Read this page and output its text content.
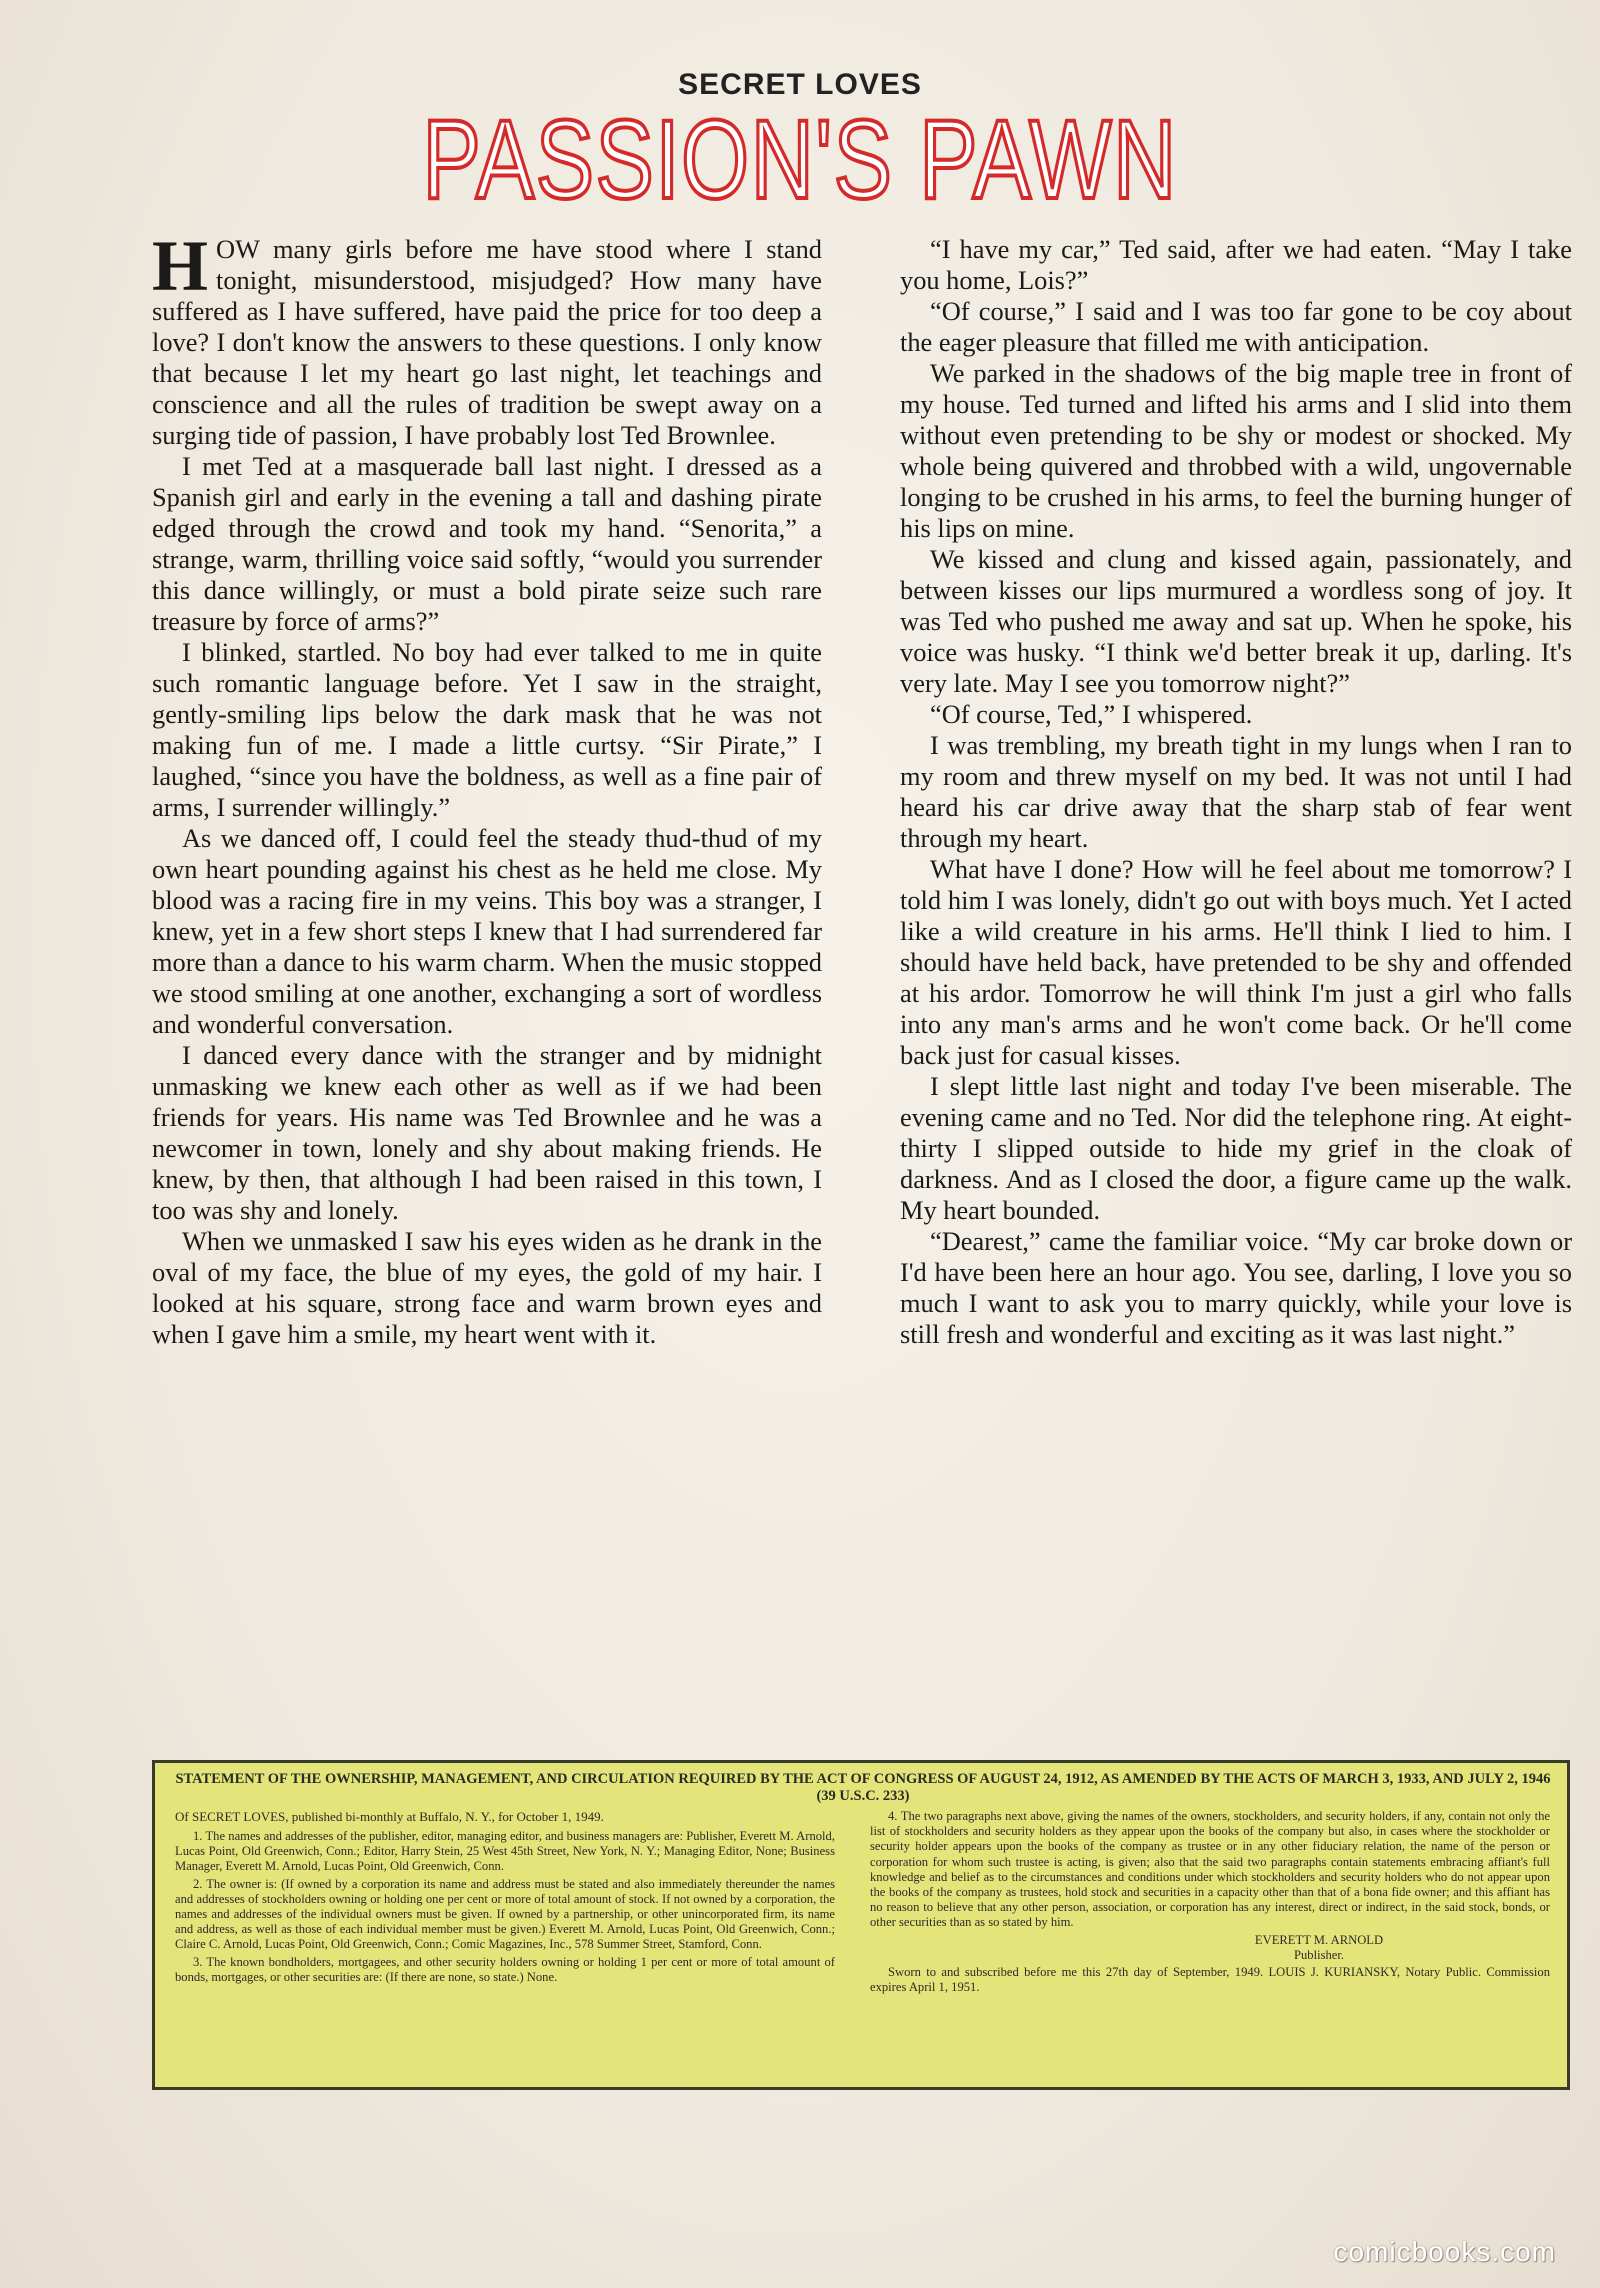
SECRET LOVES
PASSION'S PAWN

HOW many girls before me have stood where I stand tonight, misunderstood, misjudged? How many have suffered as I have suffered, have paid the price for too deep a love? I don't know the answers to these questions. I only know that because I let my heart go last night, let teachings and conscience and all the rules of tradition be swept away on a surging tide of passion, I have probably lost Ted Brownlee.

I met Ted at a masquerade ball last night. I dressed as a Spanish girl and early in the evening a tall and dashing pirate edged through the crowd and took my hand. “Senorita,” a strange, warm, thrilling voice said softly, “would you surrender this dance willingly, or must a bold pirate seize such rare treasure by force of arms?”

I blinked, startled. No boy had ever talked to me in quite such romantic language before. Yet I saw in the straight, gently-smiling lips below the dark mask that he was not making fun of me. I made a little curtsy. “Sir Pirate,” I laughed, “since you have the boldness, as well as a fine pair of arms, I surrender willingly.”

As we danced off, I could feel the steady thud-thud of my own heart pounding against his chest as he held me close. My blood was a racing fire in my veins. This boy was a stranger, I knew, yet in a few short steps I knew that I had surrendered far more than a dance to his warm charm. When the music stopped we stood smiling at one another, exchanging a sort of wordless and wonderful conversation.

I danced every dance with the stranger and by midnight unmasking we knew each other as well as if we had been friends for years. His name was Ted Brownlee and he was a newcomer in town, lonely and shy about making friends. He knew, by then, that although I had been raised in this town, I too was shy and lonely.

When we unmasked I saw his eyes widen as he drank in the oval of my face, the blue of my eyes, the gold of my hair. I looked at his square, strong face and warm brown eyes and when I gave him a smile, my heart went with it.

“I have my car,” Ted said, after we had eaten. “May I take you home, Lois?”

“Of course,” I said and I was too far gone to be coy about the eager pleasure that filled me with anticipation.

We parked in the shadows of the big maple tree in front of my house. Ted turned and lifted his arms and I slid into them without even pretending to be shy or modest or shocked. My whole being quivered and throbbed with a wild, ungovernable longing to be crushed in his arms, to feel the burning hunger of his lips on mine.

We kissed and clung and kissed again, passionately, and between kisses our lips murmured a wordless song of joy. It was Ted who pushed me away and sat up. When he spoke, his voice was husky. “I think we'd better break it up, darling. It's very late. May I see you tomorrow night?”

“Of course, Ted,” I whispered.

I was trembling, my breath tight in my lungs when I ran to my room and threw myself on my bed. It was not until I had heard his car drive away that the sharp stab of fear went through my heart.

What have I done? How will he feel about me tomorrow? I told him I was lonely, didn't go out with boys much. Yet I acted like a wild creature in his arms. He'll think I lied to him. I should have held back, have pretended to be shy and offended at his ardor. Tomorrow he will think I'm just a girl who falls into any man's arms and he won't come back. Or he'll come back just for casual kisses.

I slept little last night and today I've been miserable. The evening came and no Ted. Nor did the telephone ring. At eight-thirty I slipped outside to hide my grief in the cloak of darkness. And as I closed the door, a figure came up the walk. My heart bounded.

“Dearest,” came the familiar voice. “My car broke down or I'd have been here an hour ago. You see, darling, I love you so much I want to ask you to marry quickly, while your love is still fresh and wonderful and exciting as it was last night.”

STATEMENT OF THE OWNERSHIP, MANAGEMENT, AND CIRCULATION REQUIRED BY THE ACT OF CONGRESS OF AUGUST 24, 1912, AS AMENDED BY THE ACTS OF MARCH 3, 1933, AND JULY 2, 1946 (39 U.S.C. 233)
Of SECRET LOVES, published bi-monthly at Buffalo, N. Y., for October 1, 1949.

1. The names and addresses of the publisher, editor, managing editor, and business managers are: Publisher, Everett M. Arnold, Lucas Point, Old Greenwich, Conn.; Editor, Harry Stein, 25 West 45th Street, New York, N. Y.; Managing Editor, None; Business Manager, Everett M. Arnold, Lucas Point, Old Greenwich, Conn.

2. The owner is: (If owned by a corporation its name and address must be stated and also immediately thereunder the names and addresses of stockholders owning or holding one per cent or more of total amount of stock. If not owned by a corporation, the names and addresses of the individual owners must be given. If owned by a partnership, or other unincorporated firm, its name and address, as well as those of each individual member must be given.) Everett M. Arnold, Lucas Point, Old Greenwich, Conn.; Claire C. Arnold, Lucas Point, Old Greenwich, Conn.; Comic Magazines, Inc., 578 Summer Street, Stamford, Conn.

3. The known bondholders, mortgagees, and other security holders owning or holding 1 per cent or more of total amount of bonds, mortgages, or other securities are: (If there are none, so state.) None.

4. The two paragraphs next above, giving the names of the owners, stockholders, and security holders, if any, contain not only the list of stockholders and security holders as they appear upon the books of the company but also, in cases where the stockholder or security holder appears upon the books of the company as trustee or in any other fiduciary relation, the name of the person or corporation for whom such trustee is acting, is given; also that the said two paragraphs contain statements embracing affiant's full knowledge and belief as to the circumstances and conditions under which stockholders and security holders who do not appear upon the books of the company as trustees, hold stock and securities in a capacity other than that of a bona fide owner; and this affiant has no reason to believe that any other person, association, or corporation has any interest, direct or indirect, in the said stock, bonds, or other securities than as so stated by him.

EVERETT M. ARNOLD
Publisher.

Sworn to and subscribed before me this 27th day of September, 1949. LOUIS J. KURIANSKY, Notary Public. Commission expires April 1, 1951.

comicbooks.com
